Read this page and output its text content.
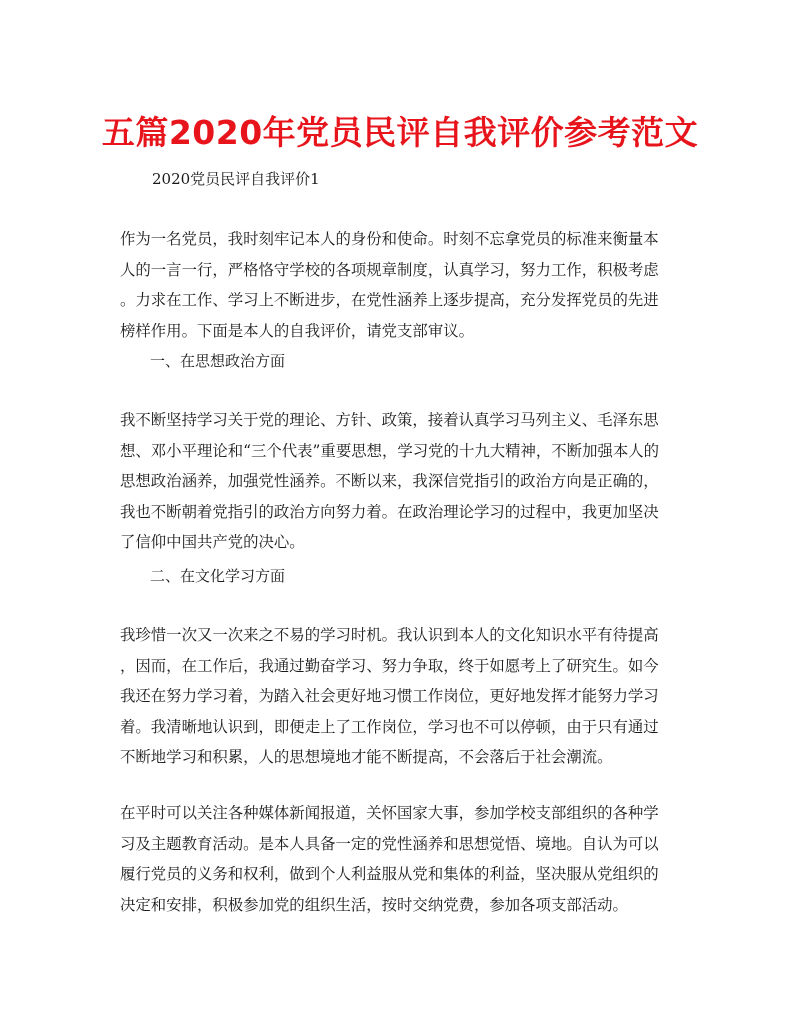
五篇2020年党员民评自我评价参考范文
2020党员民评自我评价1
作为一名党员，我时刻牢记本人的身份和使命。时刻不忘拿党员的标准来衡量本
人的一言一行，严格恪守学校的各项规章制度，认真学习，努力工作，积极考虑
。力求在工作、学习上不断进步，在党性涵养上逐步提高，充分发挥党员的先进
榜样作用。下面是本人的自我评价，请党支部审议。
一、在思想政治方面
我不断坚持学习关于党的理论、方针、政策，接着认真学习马列主义、毛泽东思
想、邓小平理论和“三个代表”重要思想，学习党的十九大精神，不断加强本人的
思想政治涵养，加强党性涵养。不断以来，我深信党指引的政治方向是正确的，
我也不断朝着党指引的政治方向努力着。在政治理论学习的过程中，我更加坚决
了信仰中国共产党的决心。
二、在文化学习方面
我珍惜一次又一次来之不易的学习时机。我认识到本人的文化知识水平有待提高
，因而，在工作后，我通过勤奋学习、努力争取，终于如愿考上了研究生。如今
我还在努力学习着，为踏入社会更好地习惯工作岗位，更好地发挥才能努力学习
着。我清晰地认识到，即便走上了工作岗位，学习也不可以停顿，由于只有通过
不断地学习和积累，人的思想境地才能不断提高，不会落后于社会潮流。
在平时可以关注各种媒体新闻报道，关怀国家大事，参加学校支部组织的各种学
习及主题教育活动。是本人具备一定的党性涵养和思想觉悟、境地。自认为可以
履行党员的义务和权利，做到个人利益服从党和集体的利益，坚决服从党组织的
决定和安排，积极参加党的组织生活，按时交纳党费，参加各项支部活动。
